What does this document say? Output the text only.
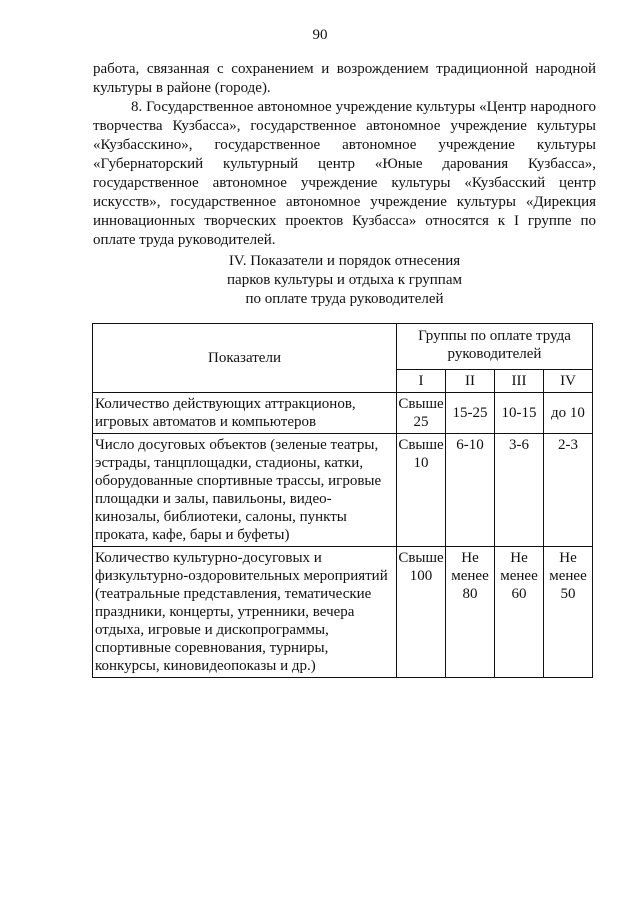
90

работа, связанная с сохранением и возрождением традиционной народной культуры в районе (городе).

8. Государственное автономное учреждение культуры «Центр народного творчества Кузбасса», государственное автономное учреждение культуры «Кузбасскино», государственное автономное учреждение культуры «Губернаторский культурный центр «Юные дарования Кузбасса», государственное автономное учреждение культуры «Кузбасский центр искусств», государственное автономное учреждение культуры «Дирекция инновационных творческих проектов Кузбасса» относятся к I группе по оплате труда руководителей.

IV. Показатели и порядок отнесения
парков культуры и отдыха к группам
по оплате труда руководителей
Показатели	Группы по оплате труда руководителей			
	I	II	III	IV
Количество действующих аттракционов, игровых автоматов и компьютеров	Свыше 25	15-25	10-15	до 10
Число досуговых объектов (зеленые театры, эстрады, танцплощадки, стадионы, катки, оборудованные спортивные трассы, игровые площадки и залы, павильоны, видео-кинозалы, библиотеки, салоны, пункты проката, кафе, бары и буфеты)	Свыше 10	6-10	3-6	2-3
Количество культурно-досуговых и физкультурно-оздоровительных мероприятий (театральные представления, тематические праздники, концерты, утренники, вечера отдыха, игровые и дископрограммы, спортивные соревнования, турниры, конкурсы, киновидеопоказы и др.)	Свыше 100	Не менее 80	Не менее 60	Не менее 50
